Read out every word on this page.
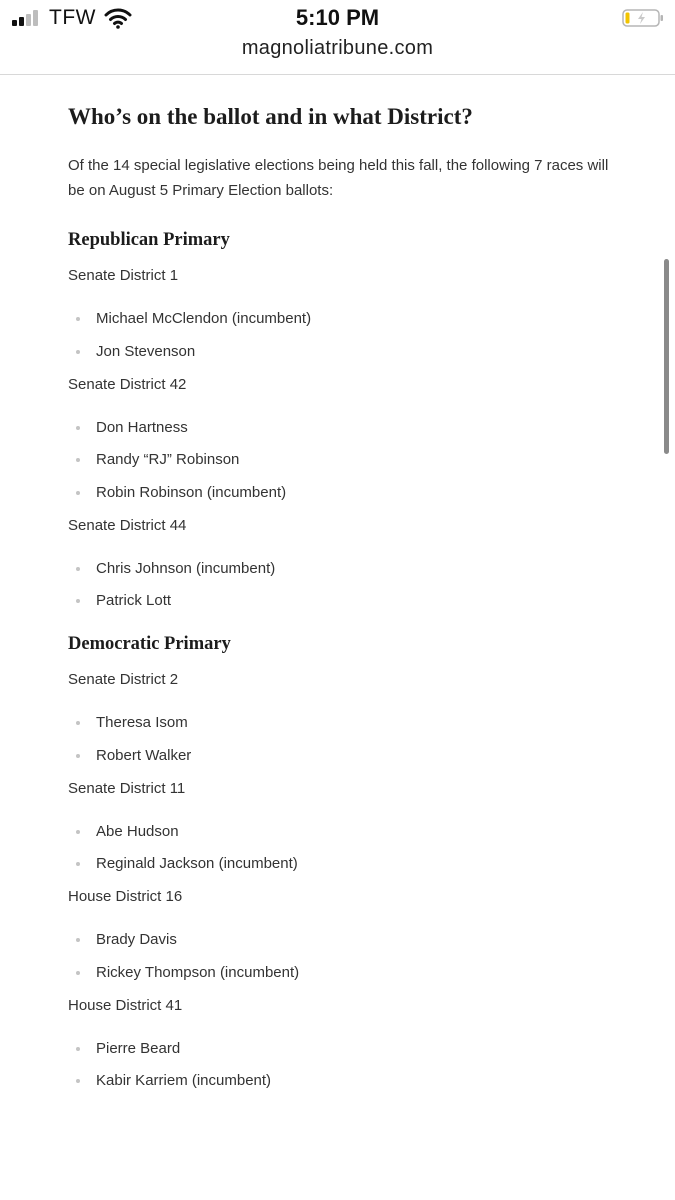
TFW	5:10 PM
magnoliatribune.com
Who’s on the ballot and in what District?

Of the 14 special legislative elections being held this fall, the following 7 races will be on August 5 Primary Election ballots:

Republican Primary
Senate District 1
Michael McClendon (incumbent)
Jon Stevenson
Senate District 42
Don Hartness
Randy “RJ” Robinson
Robin Robinson (incumbent)
Senate District 44
Chris Johnson (incumbent)
Patrick Lott
Democratic Primary
Senate District 2
Theresa Isom
Robert Walker
Senate District 11
Abe Hudson
Reginald Jackson (incumbent)
House District 16
Brady Davis
Rickey Thompson (incumbent)
House District 41
Pierre Beard
Kabir Karriem (incumbent)
